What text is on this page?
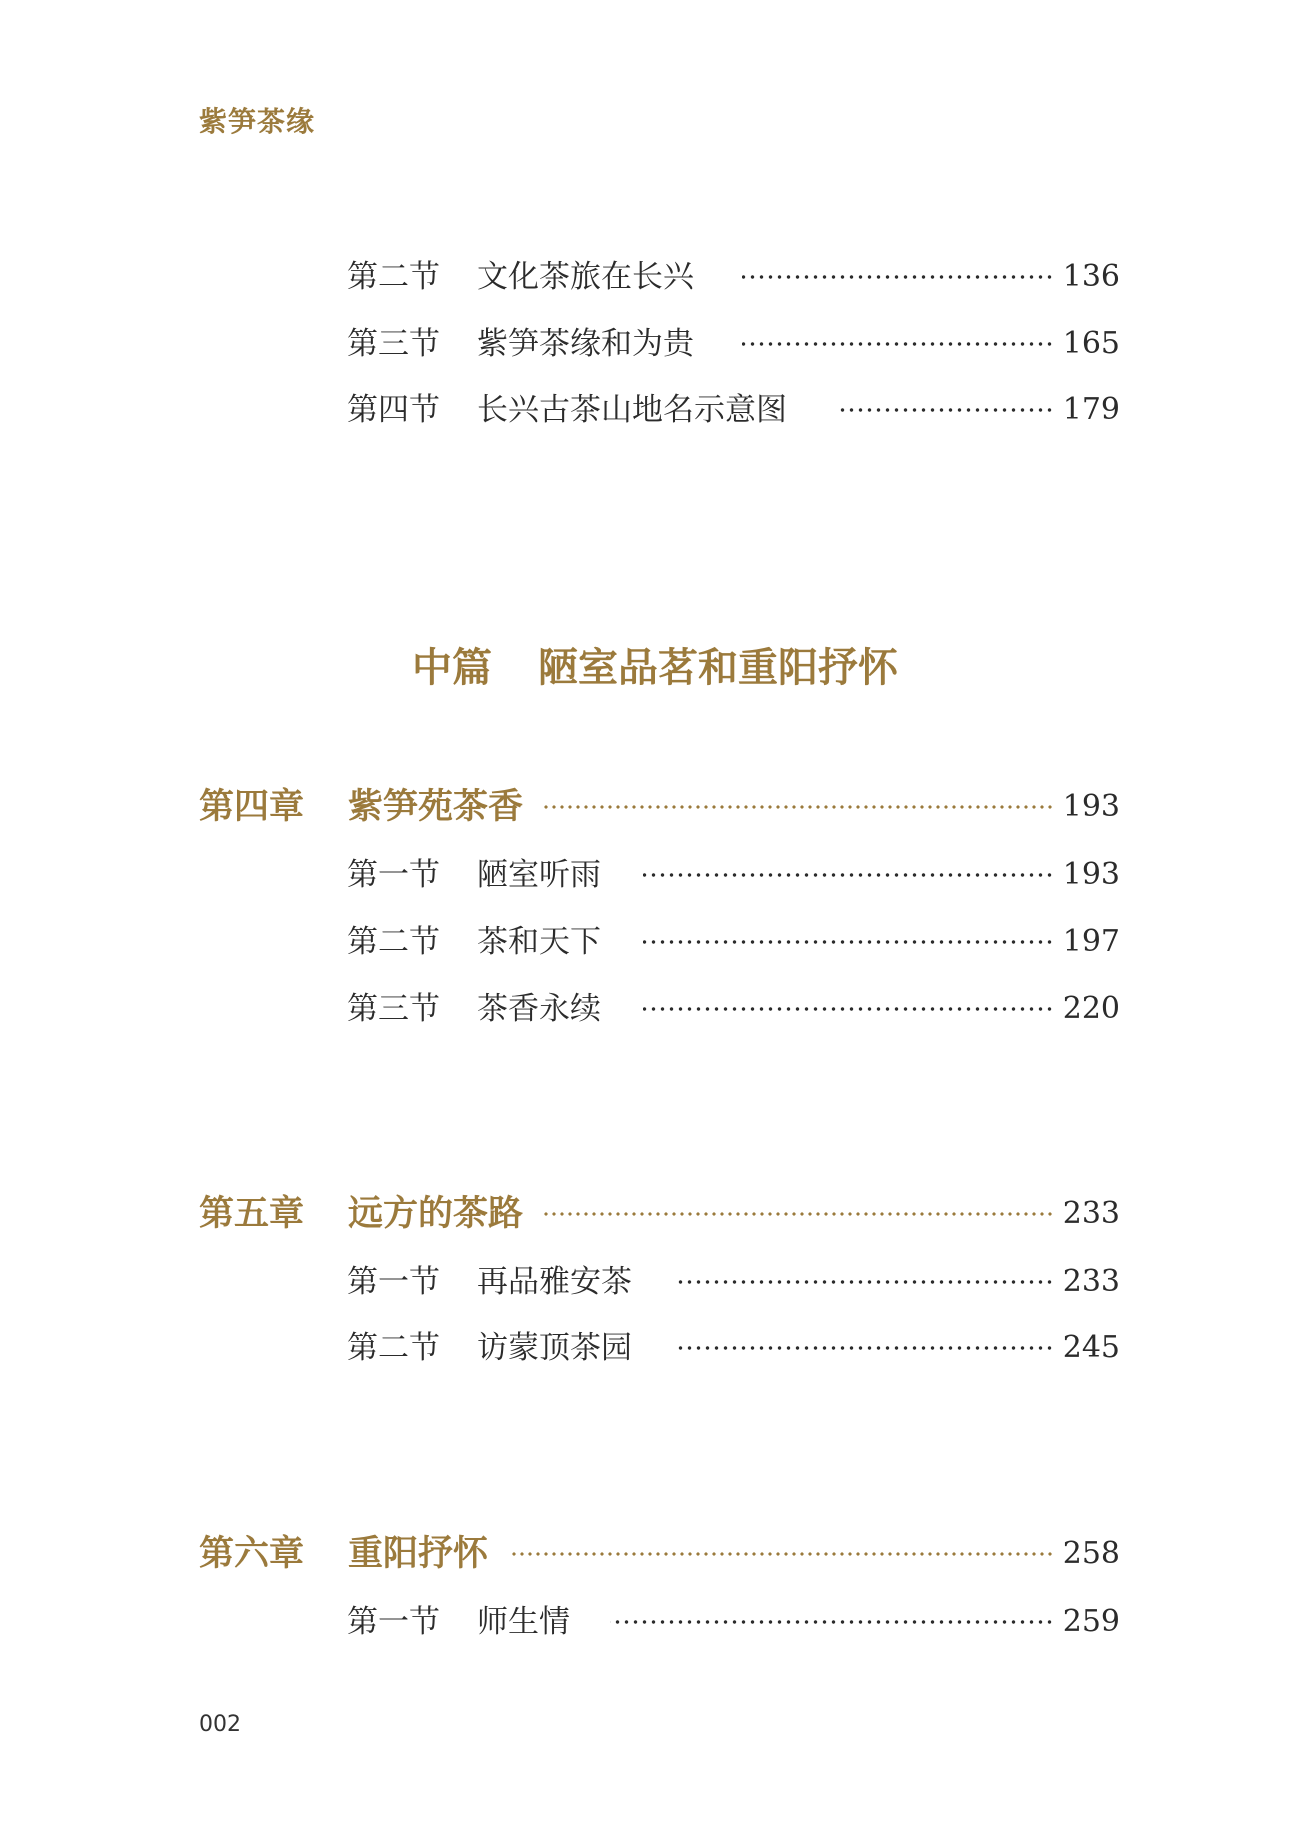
紫笋茶缘
第二节 文化茶旅在长兴	136
第三节 紫笋茶缘和为贵	165
第四节 长兴古茶山地名示意图	179
中篇 陋室品茗和重阳抒怀
第四章 紫笋苑茶香	193
第一节 陋室听雨	193
第二节 茶和天下	197
第三节 茶香永续	220
第五章 远方的茶路	233
第一节 再品雅安茶	233
第二节 访蒙顶茶园	245
第六章 重阳抒怀	258
第一节 师生情	259
002
